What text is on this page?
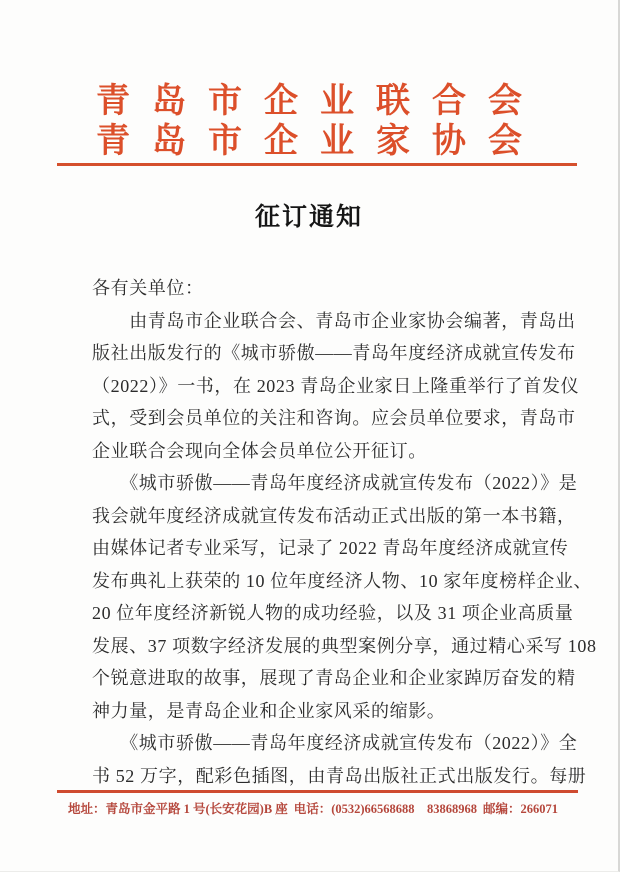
青岛市企业联合会
青岛市企业家协会
征订通知
各有关单位：
　　由青岛市企业联合会、青岛市企业家协会编著，青岛出
版社出版发行的《城市骄傲——青岛年度经济成就宣传发布
（2022）》一书，在 2023 青岛企业家日上隆重举行了首发仪
式，受到会员单位的关注和咨询。应会员单位要求，青岛市
企业联合会现向全体会员单位公开征订。
　　《城市骄傲——青岛年度经济成就宣传发布（2022）》是
我会就年度经济成就宣传发布活动正式出版的第一本书籍，
由媒体记者专业采写，记录了 2022 青岛年度经济成就宣传
发布典礼上获荣的 10 位年度经济人物、10 家年度榜样企业、
20 位年度经济新锐人物的成功经验，以及 31 项企业高质量
发展、37 项数字经济发展的典型案例分享，通过精心采写 108
个锐意进取的故事，展现了青岛企业和企业家踔厉奋发的精
神力量，是青岛企业和企业家风采的缩影。
　　《城市骄傲——青岛年度经济成就宣传发布（2022）》全
书 52 万字，配彩色插图，由青岛出版社正式出版发行。每册
地址：青岛市金平路 1 号(长安花园)B 座 电话：(0532)66568688　83868968 邮编：266071
